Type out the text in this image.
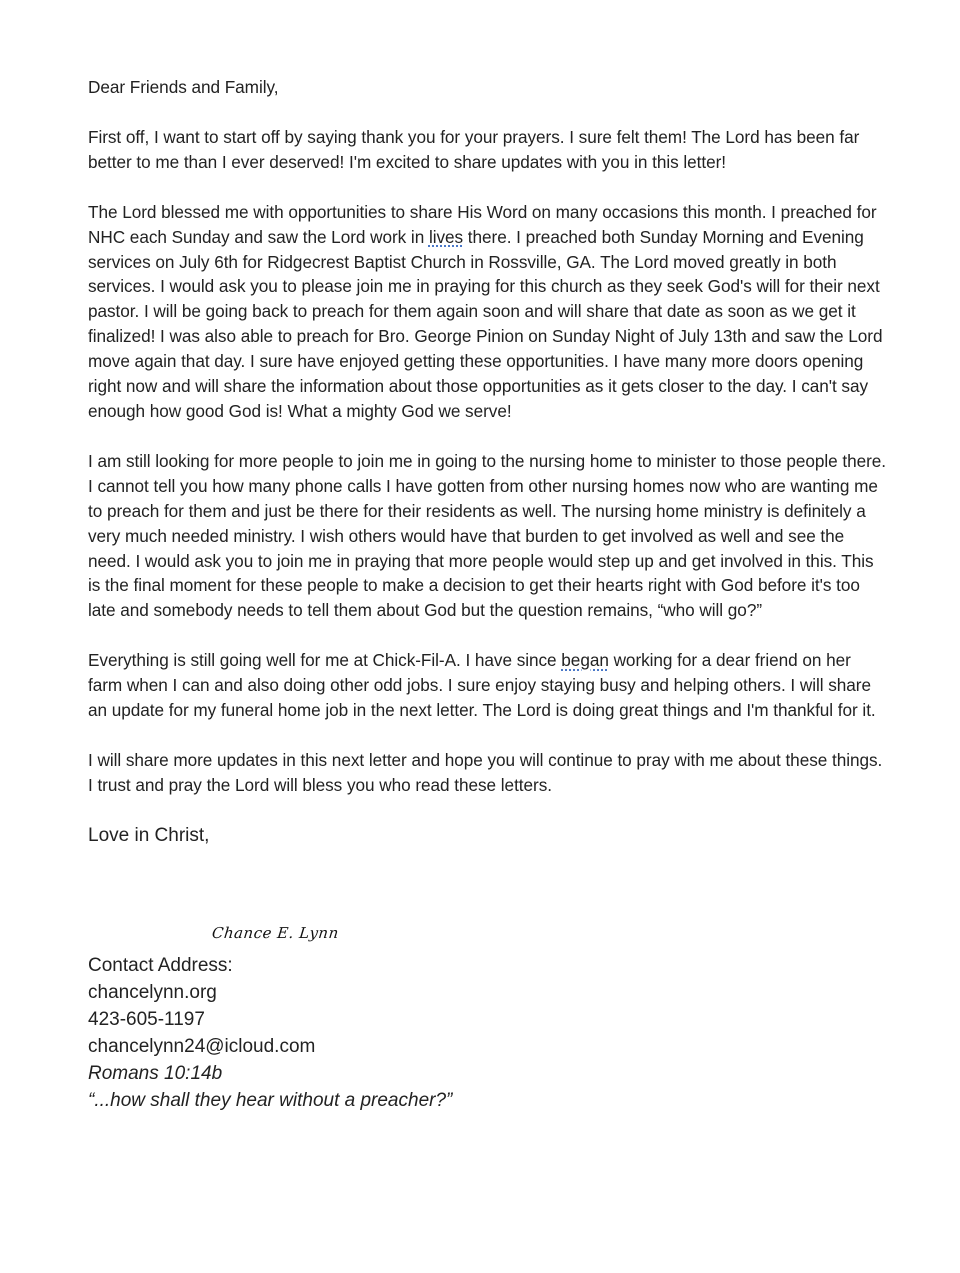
Dear Friends and Family,

First off, I want to start off by saying thank you for your prayers. I sure felt them! The Lord has been far better to me than I ever deserved! I'm excited to share updates with you in this letter!

The Lord blessed me with opportunities to share His Word on many occasions this month. I preached for NHC each Sunday and saw the Lord work in lives there. I preached both Sunday Morning and Evening services on July 6th for Ridgecrest Baptist Church in Rossville, GA. The Lord moved greatly in both services. I would ask you to please join me in praying for this church as they seek God's will for their next pastor. I will be going back to preach for them again soon and will share that date as soon as we get it finalized! I was also able to preach for Bro. George Pinion on Sunday Night of July 13th and saw the Lord move again that day. I sure have enjoyed getting these opportunities. I have many more doors opening right now and will share the information about those opportunities as it gets closer to the day. I can't say enough how good God is! What a mighty God we serve!

I am still looking for more people to join me in going to the nursing home to minister to those people there. I cannot tell you how many phone calls I have gotten from other nursing homes now who are wanting me to preach for them and just be there for their residents as well. The nursing home ministry is definitely a very much needed ministry. I wish others would have that burden to get involved as well and see the need. I would ask you to join me in praying that more people would step up and get involved in this. This is the final moment for these people to make a decision to get their hearts right with God before it's too late and somebody needs to tell them about God but the question remains, “who will go?”

Everything is still going well for me at Chick-Fil-A. I have since began working for a dear friend on her farm when I can and also doing other odd jobs. I sure enjoy staying busy and helping others. I will share an update for my funeral home job in the next letter. The Lord is doing great things and I'm thankful for it.

I will share more updates in this next letter and hope you will continue to pray with me about these things. I trust and pray the Lord will bless you who read these letters.

Love in Christ,

Chance E. Lynn

Contact Address:

chancelynn.org

423-605-1197

chancelynn24@icloud.com

Romans 10:14b

“...how shall they hear without a preacher?”
